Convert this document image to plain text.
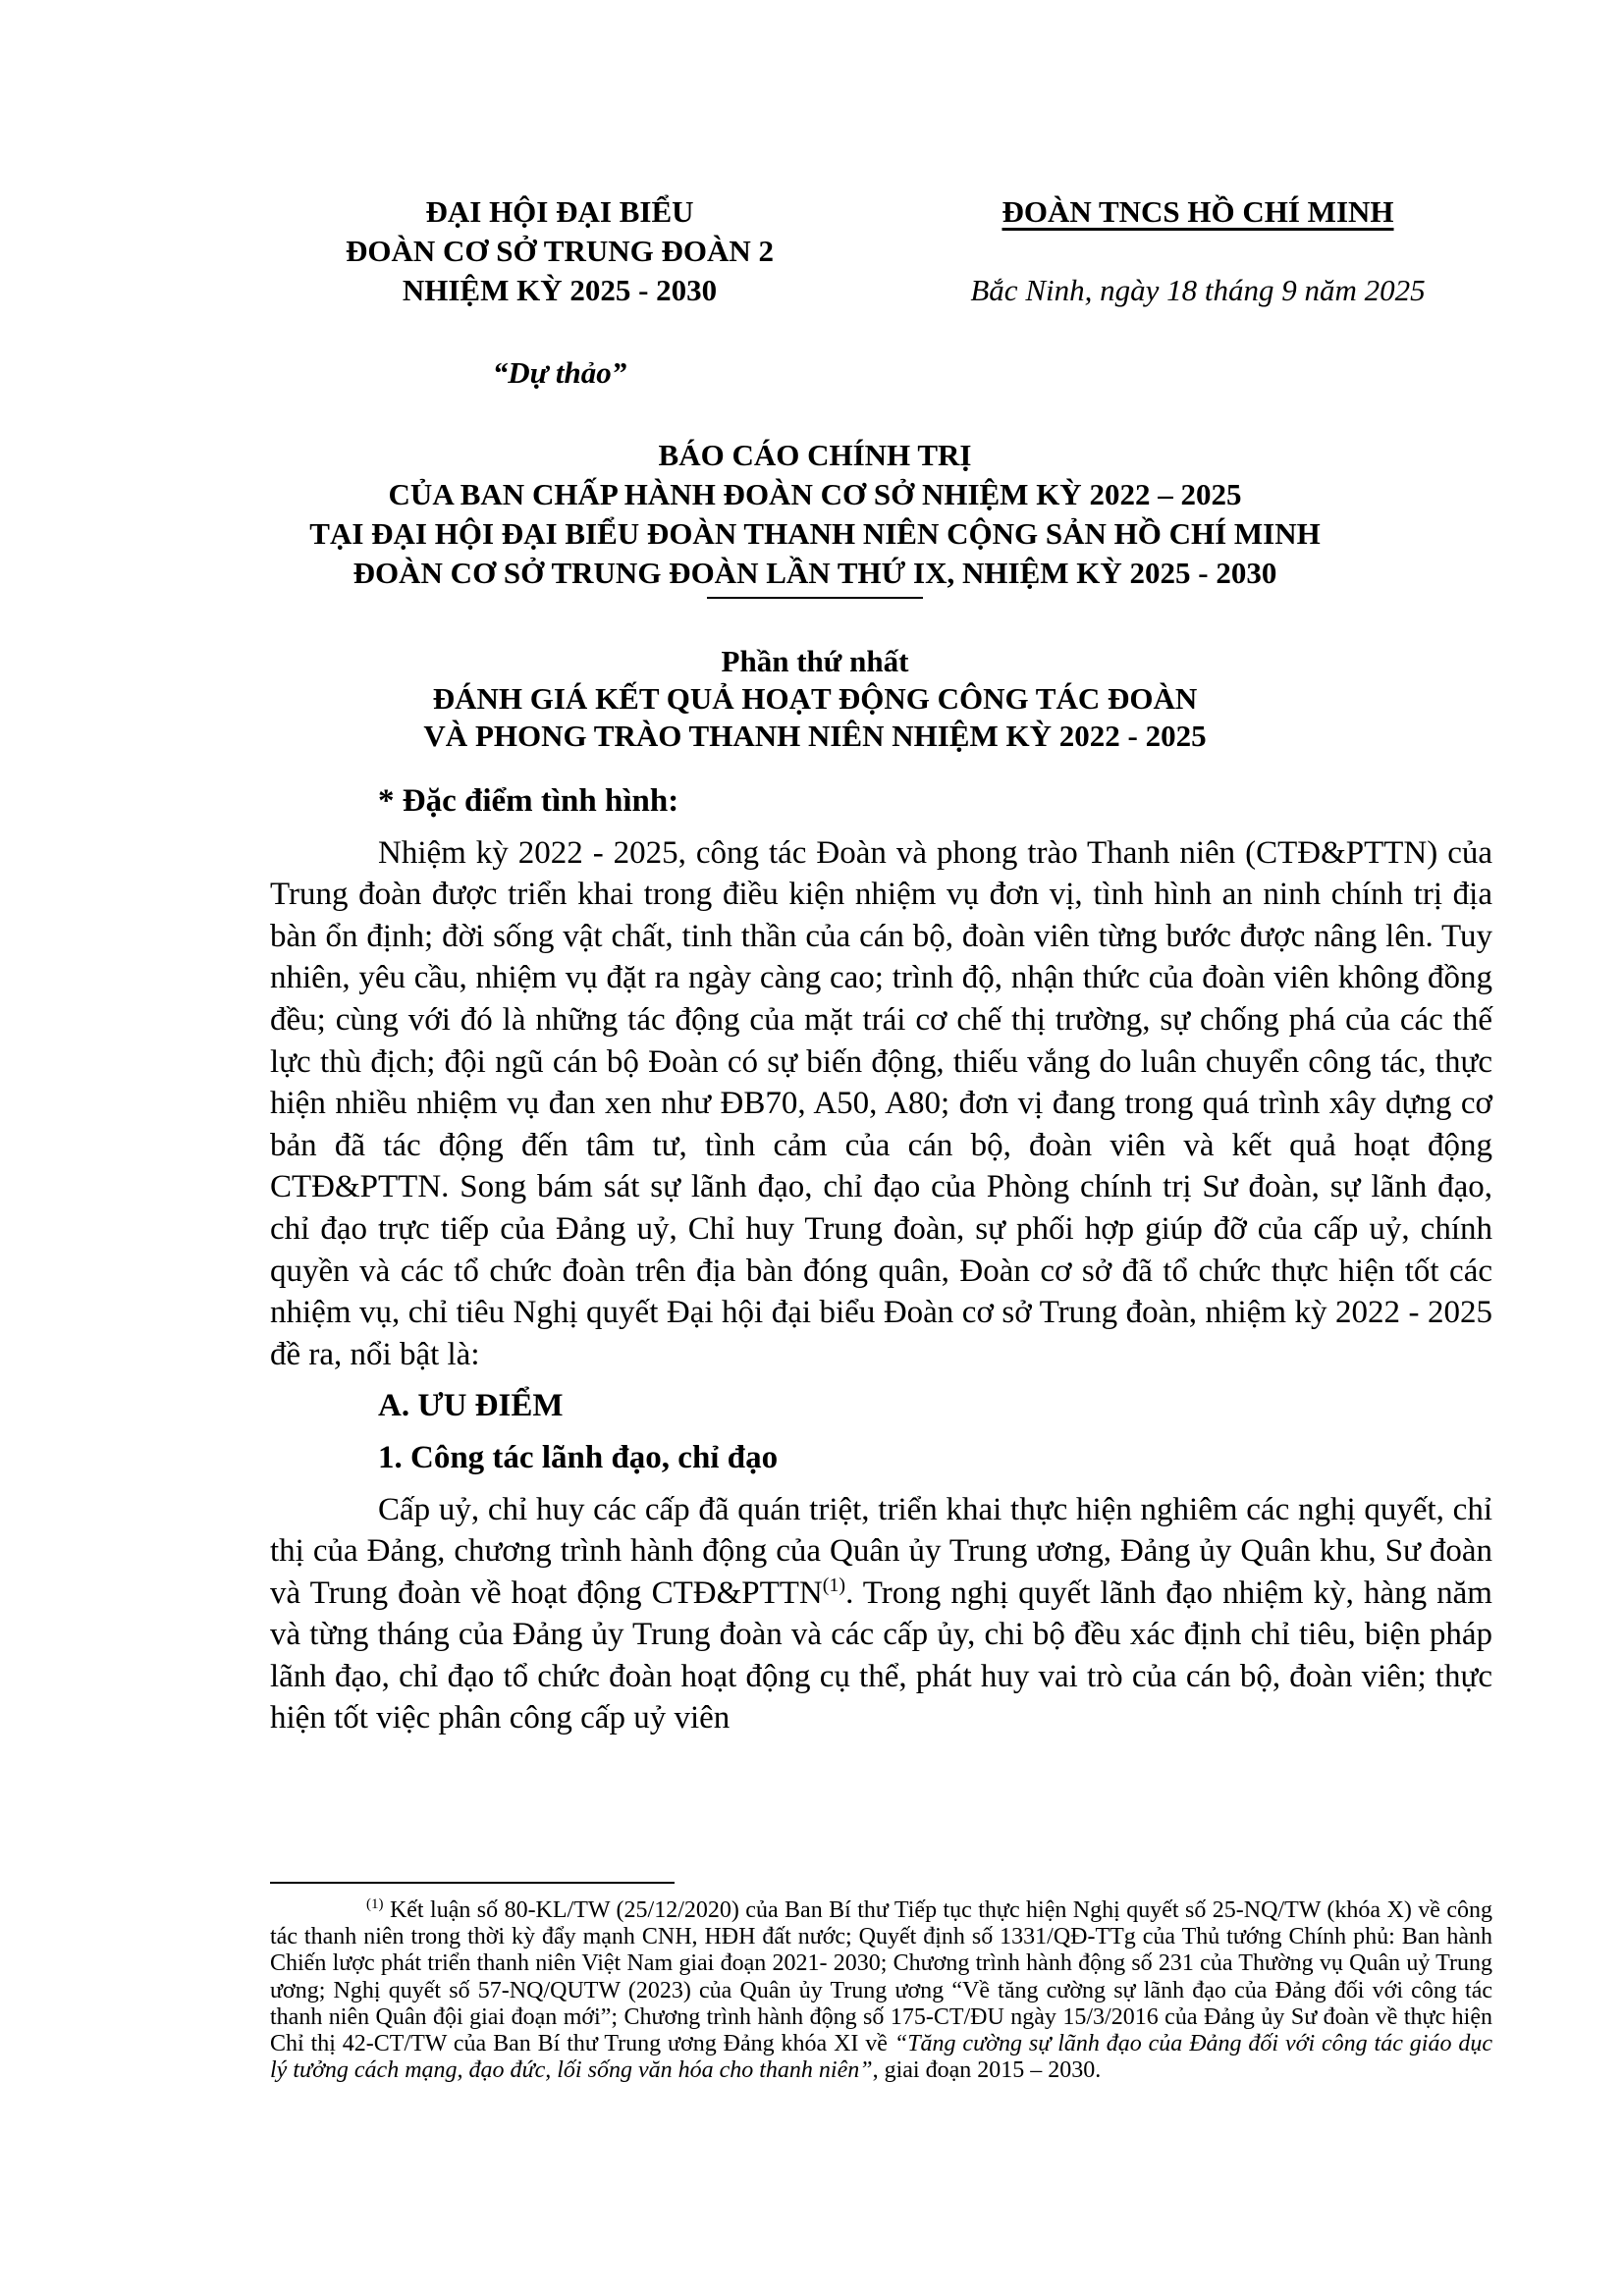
ĐẠI HỘI ĐẠI BIỂU
ĐOÀN CƠ SỞ TRUNG ĐOÀN 2
NHIỆM KỲ 2025 - 2030
ĐOÀN TNCS HỒ CHÍ MINH
Bắc Ninh, ngày 18 tháng 9 năm 2025
“Dự thảo”
BÁO CÁO CHÍNH TRỊ
CỦA BAN CHẤP HÀNH ĐOÀN CƠ SỞ NHIỆM KỲ 2022 – 2025
TẠI ĐẠI HỘI ĐẠI BIỂU ĐOÀN THANH NIÊN CỘNG SẢN HỒ CHÍ MINH
ĐOÀN CƠ SỞ TRUNG ĐOÀN LẦN THỨ IX, NHIỆM KỲ 2025 - 2030
Phần thứ nhất
ĐÁNH GIÁ KẾT QUẢ HOẠT ĐỘNG CÔNG TÁC ĐOÀN
VÀ PHONG TRÀO THANH NIÊN NHIỆM KỲ 2022 - 2025

* Đặc điểm tình hình:

Nhiệm kỳ 2022 - 2025, công tác Đoàn và phong trào Thanh niên (CTĐ&PTTN) của Trung đoàn được triển khai trong điều kiện nhiệm vụ đơn vị, tình hình an ninh chính trị địa bàn ổn định; đời sống vật chất, tinh thần của cán bộ, đoàn viên từng bước được nâng lên. Tuy nhiên, yêu cầu, nhiệm vụ đặt ra ngày càng cao; trình độ, nhận thức của đoàn viên không đồng đều; cùng với đó là những tác động của mặt trái cơ chế thị trường, sự chống phá của các thế lực thù địch; đội ngũ cán bộ Đoàn có sự biến động, thiếu vắng do luân chuyển công tác, thực hiện nhiều nhiệm vụ đan xen như ĐB70, A50, A80; đơn vị đang trong quá trình xây dựng cơ bản đã tác động đến tâm tư, tình cảm của cán bộ, đoàn viên và kết quả hoạt động CTĐ&PTTN. Song bám sát sự lãnh đạo, chỉ đạo của Phòng chính trị Sư đoàn, sự lãnh đạo, chỉ đạo trực tiếp của Đảng uỷ, Chỉ huy Trung đoàn, sự phối hợp giúp đỡ của cấp uỷ, chính quyền và các tổ chức đoàn trên địa bàn đóng quân, Đoàn cơ sở đã tổ chức thực hiện tốt các nhiệm vụ, chỉ tiêu Nghị quyết Đại hội đại biểu Đoàn cơ sở Trung đoàn, nhiệm kỳ 2022 - 2025 đề ra, nổi bật là:

A. ƯU ĐIỂM

1. Công tác lãnh đạo, chỉ đạo

Cấp uỷ, chỉ huy các cấp đã quán triệt, triển khai thực hiện nghiêm các nghị quyết, chỉ thị của Đảng, chương trình hành động của Quân ủy Trung ương, Đảng ủy Quân khu, Sư đoàn và Trung đoàn về hoạt động CTĐ&PTTN$^{(1)}$. Trong nghị quyết lãnh đạo nhiệm kỳ, hàng năm và từng tháng của Đảng ủy Trung đoàn và các cấp ủy, chi bộ đều xác định chỉ tiêu, biện pháp lãnh đạo, chỉ đạo tổ chức đoàn hoạt động cụ thể, phát huy vai trò của cán bộ, đoàn viên; thực hiện tốt việc phân công cấp uỷ viên

$^{(1)}$ Kết luận số 80-KL/TW (25/12/2020) của Ban Bí thư Tiếp tục thực hiện Nghị quyết số 25-NQ/TW (khóa X) về công tác thanh niên trong thời kỳ đẩy mạnh CNH, HĐH đất nước; Quyết định số 1331/QĐ-TTg của Thủ tướng Chính phủ: Ban hành Chiến lược phát triển thanh niên Việt Nam giai đoạn 2021- 2030; Chương trình hành động số 231 của Thường vụ Quân uỷ Trung ương; Nghị quyết số 57-NQ/QUTW (2023) của Quân ủy Trung ương “Về tăng cường sự lãnh đạo của Đảng đối với công tác thanh niên Quân đội giai đoạn mới”; Chương trình hành động số 175-CT/ĐU ngày 15/3/2016 của Đảng ủy Sư đoàn về thực hiện Chỉ thị 42-CT/TW của Ban Bí thư Trung ương Đảng khóa XI về “Tăng cường sự lãnh đạo của Đảng đối với công tác giáo dục lý tưởng cách mạng, đạo đức, lối sống văn hóa cho thanh niên”, giai đoạn 2015 – 2030.
